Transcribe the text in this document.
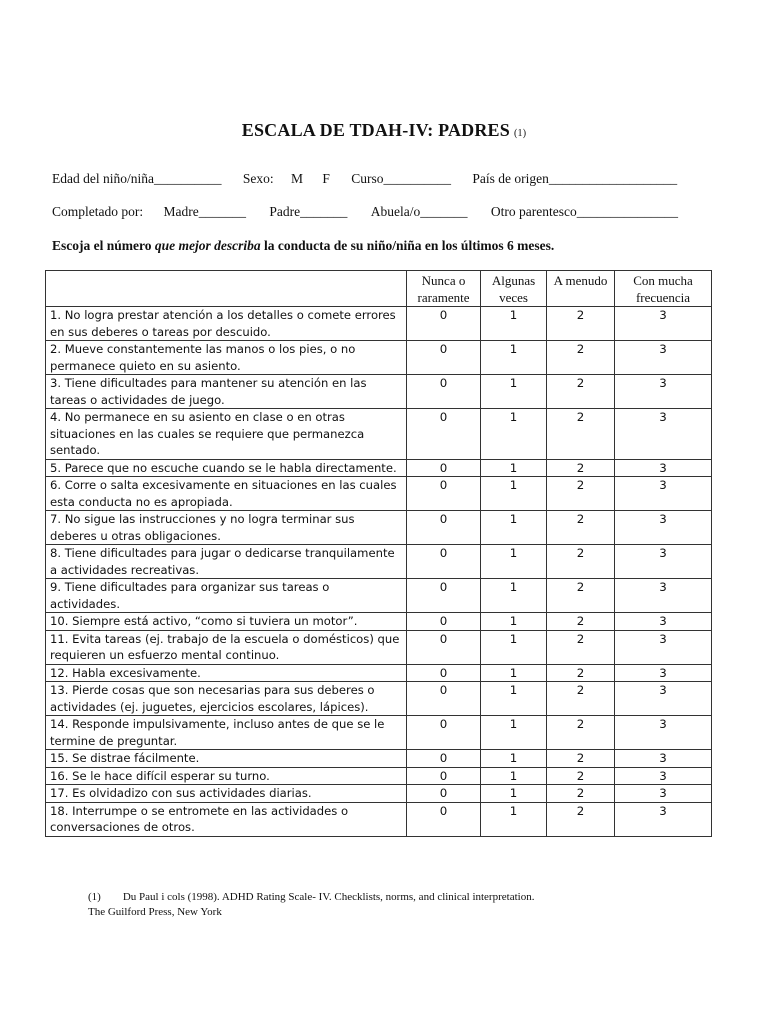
ESCALA DE TDAH-IV: PADRES (1)
Edad del niño/niña__________ Sexo: M F Curso__________ País de origen___________________
Completado por: Madre_______ Padre_______ Abuela/o_______ Otro parentesco_______________
Escoja el número que mejor describa la conducta de su niño/niña en los últimos 6 meses.
	Nunca o raramente	Algunas veces	A menudo	Con mucha frecuencia
1. No logra prestar atención a los detalles o comete errores en sus deberes o tareas por descuido.	0	1	2	3
2. Mueve constantemente las manos o los pies, o no permanece quieto en su asiento.	0	1	2	3
3. Tiene dificultades para mantener su atención en las tareas o actividades de juego.	0	1	2	3
4. No permanece en su asiento en clase o en otras situaciones en las cuales se requiere que permanezca sentado.	0	1	2	3
5. Parece que no escuche cuando se le habla directamente.	0	1	2	3
6. Corre o salta excesivamente en situaciones en las cuales esta conducta no es apropiada.	0	1	2	3
7. No sigue las instrucciones y no logra terminar sus deberes u otras obligaciones.	0	1	2	3
8. Tiene dificultades para jugar o dedicarse tranquilamente a actividades recreativas.	0	1	2	3
9. Tiene dificultades para organizar sus tareas o actividades.	0	1	2	3
10. Siempre está activo, “como si tuviera un motor”.	0	1	2	3
11. Evita tareas (ej. trabajo de la escuela o domésticos) que requieren un esfuerzo mental continuo.	0	1	2	3
12. Habla excesivamente.	0	1	2	3
13. Pierde cosas que son necesarias para sus deberes o actividades (ej. juguetes, ejercicios escolares, lápices).	0	1	2	3
14. Responde impulsivamente, incluso antes de que se le termine de preguntar.	0	1	2	3
15. Se distrae fácilmente.	0	1	2	3
16. Se le hace difícil esperar su turno.	0	1	2	3
17. Es olvidadizo con sus actividades diarias.	0	1	2	3
18. Interrumpe o se entromete en las actividades o conversaciones de otros.	0	1	2	3
(1) Du Paul i cols (1998). ADHD Rating Scale- IV. Checklists, norms, and clinical interpretation.
The Guilford Press, New York
